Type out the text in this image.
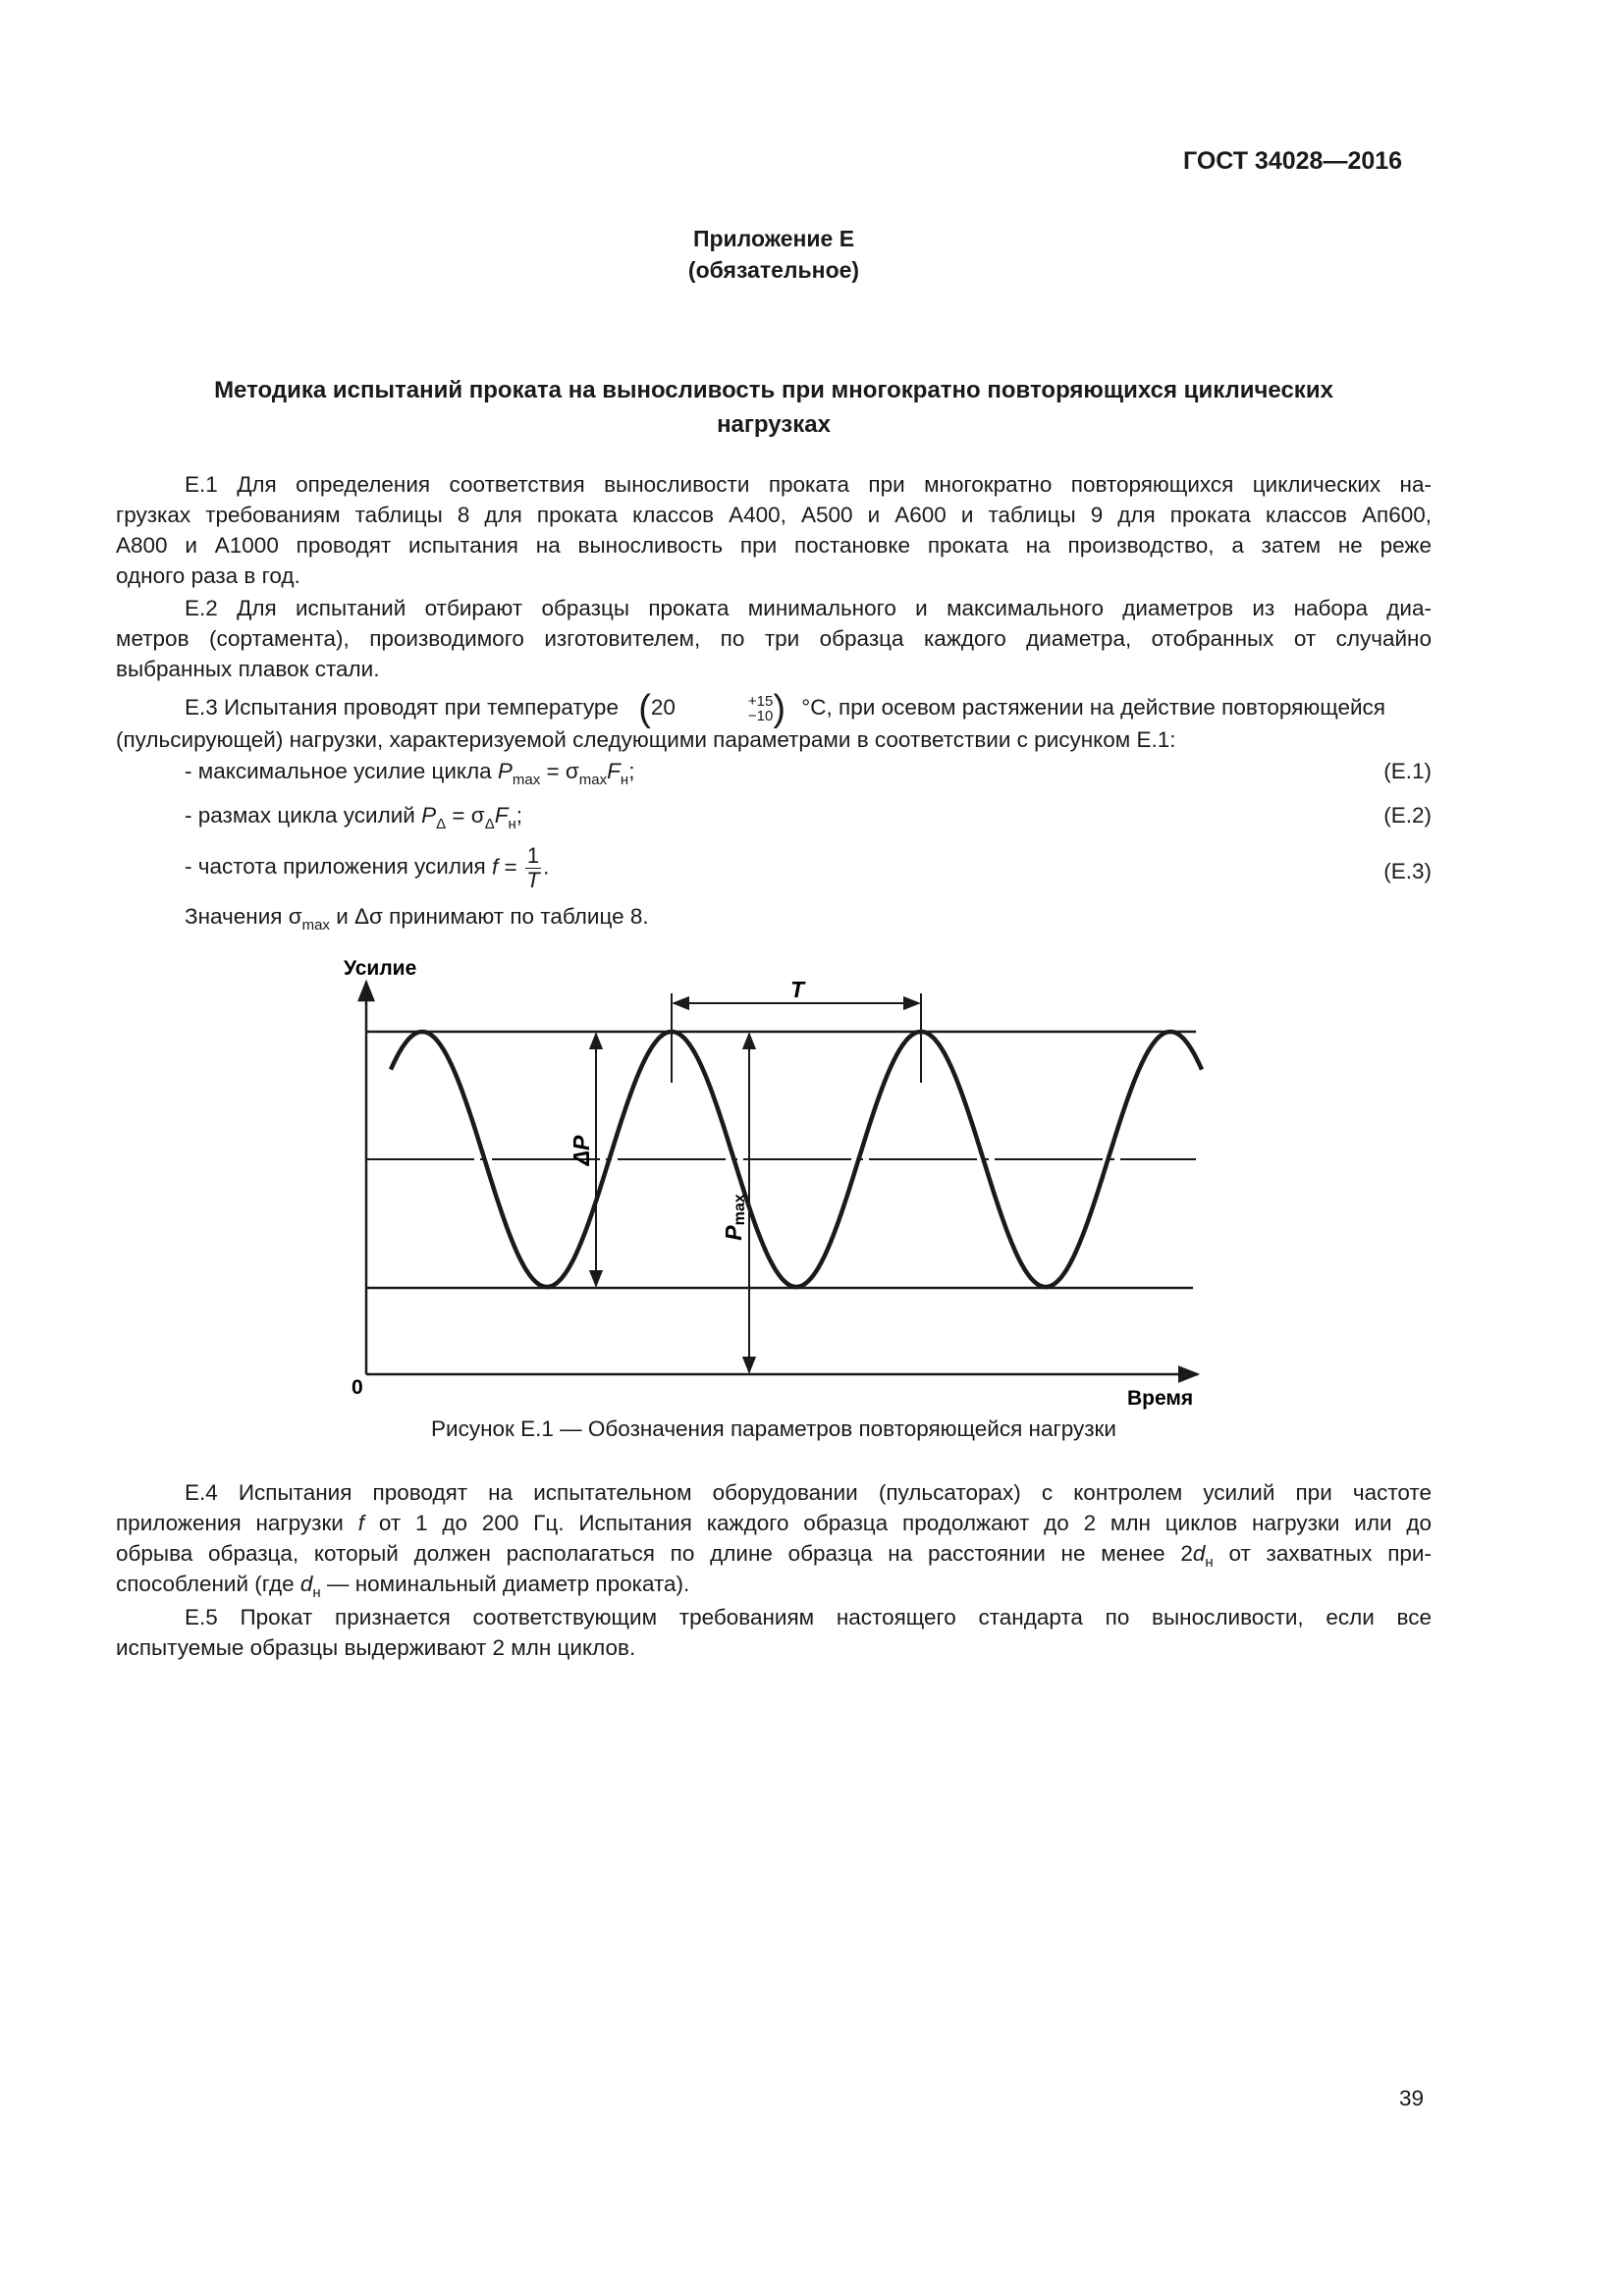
ГОСТ 34028—2016
Приложение Е
(обязательное)
Методика испытаний проката на выносливость при многократно повторяющихся циклических
нагрузках
Е.1 Для определения соответствия выносливости проката при многократно повторяющихся циклических на-
грузках требованиям таблицы 8 для проката классов А400, А500 и А600 и таблицы 9 для проката классов Ап600,
А800 и А1000 проводят испытания на выносливость при постановке проката на производство, а затем не реже
одного раза в год.
Е.2 Для испытаний отбирают образцы проката минимального и максимального диаметров из набора диа-
метров (сортамента), производимого изготовителем, по три образца каждого диаметра, отобранных от случайно
выбранных плавок стали.
Е.3 Испытания проводят при температуре (20	+15
−10 ) °С, при осевом растяжении на действие повторяющейся
(пульсирующей) нагрузки, характеризуемой следующими параметрами в соответствии с рисунком Е.1:
- максимальное усилие цикла $P_{max} = \sigma_{max}F_н$;	(Е.1)
- размах цикла усилий $P_\Delta = \sigma_\Delta F_н$;	(Е.2)
- частота приложения усилия $f = \frac{1}{T}$ .	(Е.3)
Значения $\sigma_{max}$ и Δσ принимают по таблице 8.
T
ΔP
Pmax
Усилие
Время
0
Рисунок Е.1 — Обозначения параметров повторяющейся нагрузки
Е.4 Испытания проводят на испытательном оборудовании (пульсаторах) с контролем усилий при частоте
приложения нагрузки f от 1 до 200 Гц. Испытания каждого образца продолжают до 2 млн циклов нагрузки или до
обрыва образца, который должен располагаться по длине образца на расстоянии не менее $2d_н$ от захватных при-
способлений (где $d_н$ — номинальный диаметр проката).
Е.5 Прокат признается соответствующим требованиям настоящего стандарта по выносливости, если все
испытуемые образцы выдерживают 2 млн циклов.
39
